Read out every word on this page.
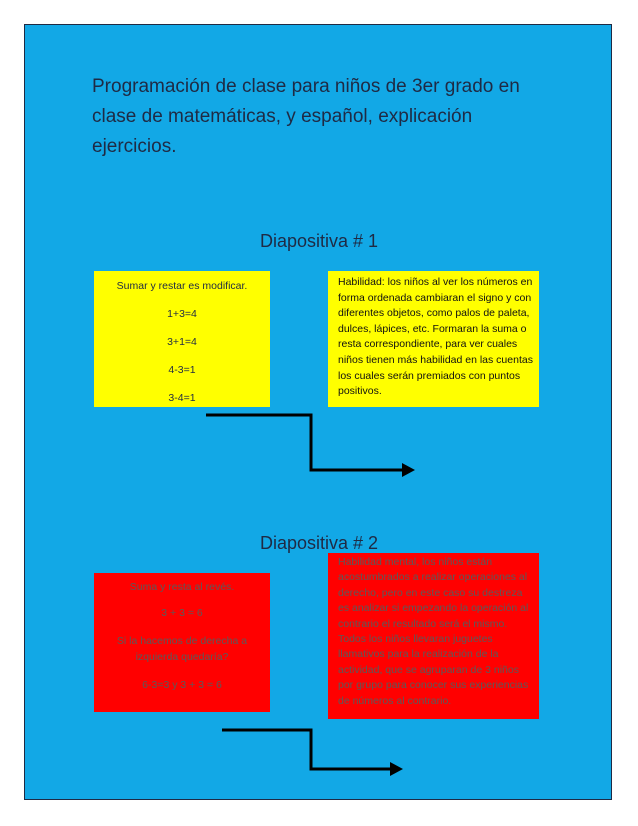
Programación de clase para niños de 3er grado en clase de matemáticas, y español, explicación ejercicios.
Diapositiva # 1
Sumar y restar es modificar.
1+3=4
3+1=4
4-3=1
3-4=1
Habilidad: los niños al ver los números en forma ordenada cambiaran el signo y con diferentes objetos, como palos de paleta, dulces, lápices, etc. Formaran la suma o resta correspondiente, para ver cuales niños tienen más habilidad en las cuentas los cuales serán premiados con puntos positivos.
Diapositiva # 2
Suma y resta al revés.
3 + 3 = 6
Si la hacemos de derecha a izquierda quedaría?
6-3=3 y 3 + 3 = 6
Habilidad mental, los niños están acostumbrados a realizar operaciones al derecho, pero en este caso su destreza es analizar si empezando la operación al contrario el resultado será el mismo. Todos los niños llevaran juguetes llamativos para la realización de la actividad, que se agruparan de 3 niños por grupo para conocer sus experiencias de números al contrario.
